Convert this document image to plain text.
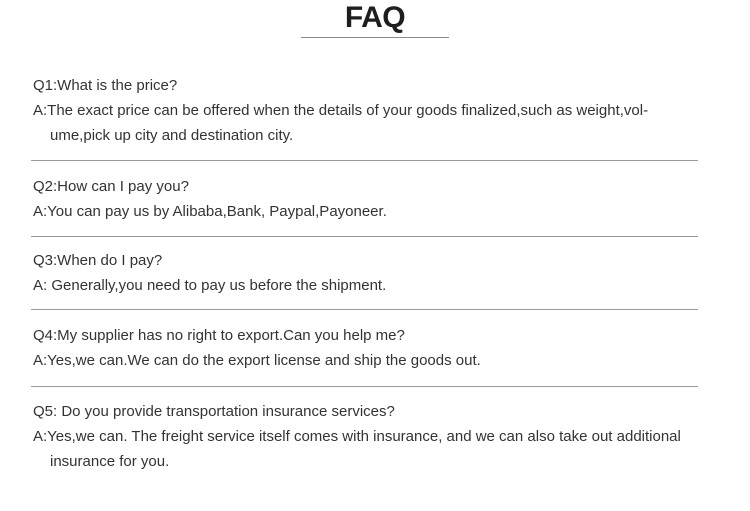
FAQ
Q1:What is the price?
A:The exact price can be offered when the details of your goods finalized,such as weight,vol-
ume,pick up city and destination city.
Q2:How can I pay you?
A:You can pay us by Alibaba,Bank, Paypal,Payoneer.
Q3:When do I pay?
A: Generally,you need to pay us before the shipment.
Q4:My supplier has no right to export.Can you help me?
A:Yes,we can.We can do the export license and ship the goods out.
Q5: Do you provide transportation insurance services?
A:Yes,we can. The freight service itself comes with insurance, and we can also take out additional
insurance for you.
